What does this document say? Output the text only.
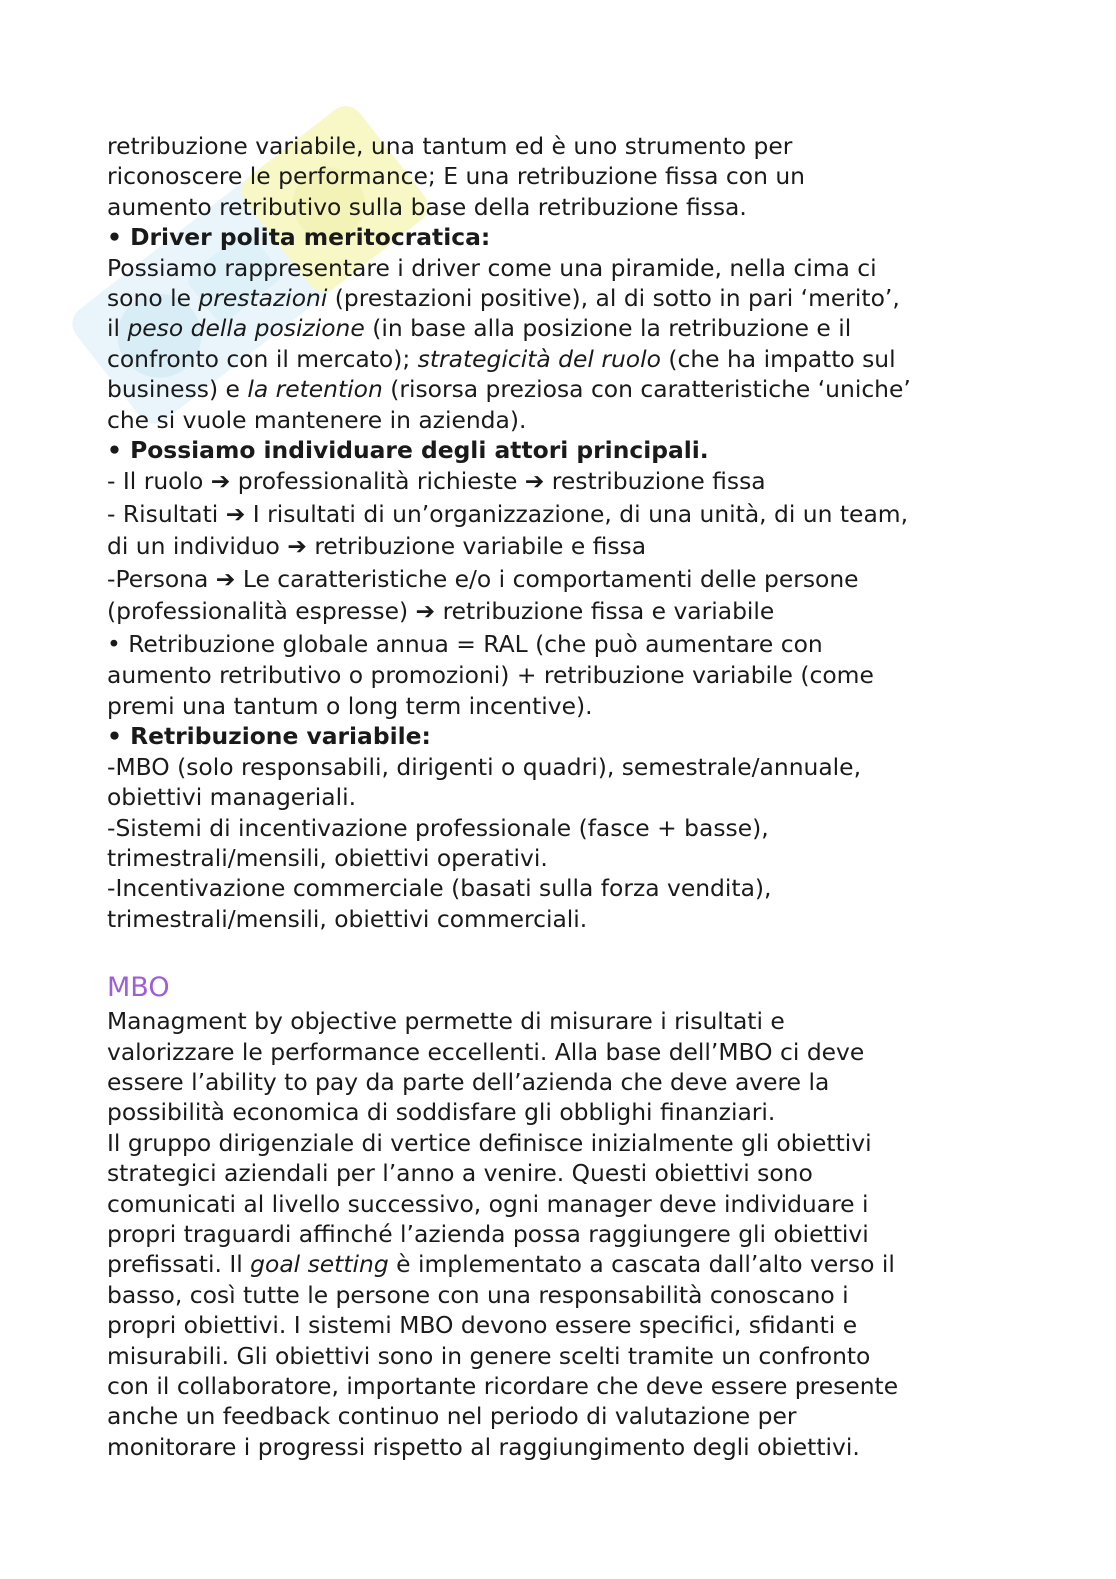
retribuzione variabile, una tantum ed è uno strumento per

riconoscere le performance; E una retribuzione fissa con un

aumento retributivo sulla base della retribuzione fissa.

• Driver polita meritocratica:

Possiamo rappresentare i driver come una piramide, nella cima ci

sono le prestazioni (prestazioni positive), al di sotto in pari ‘merito’,

il peso della posizione (in base alla posizione la retribuzione e il

confronto con il mercato); strategicità del ruolo (che ha impatto sul

business) e la retention (risorsa preziosa con caratteristiche ‘uniche’

che si vuole mantenere in azienda).

• Possiamo individuare degli attori principali.

- Il ruolo ➔ professionalità richieste ➔ restribuzione fissa

- Risultati ➔ I risultati di un’organizzazione, di una unità, di un team,

di un individuo ➔ retribuzione variabile e fissa

-Persona ➔ Le caratteristiche e/o i comportamenti delle persone

(professionalità espresse) ➔ retribuzione fissa e variabile

• Retribuzione globale annua = RAL (che può aumentare con

aumento retributivo o promozioni) + retribuzione variabile (come

premi una tantum o long term incentive).

• Retribuzione variabile:

-MBO (solo responsabili, dirigenti o quadri), semestrale/annuale,

obiettivi manageriali.

-Sistemi di incentivazione professionale (fasce + basse),

trimestrali/mensili, obiettivi operativi.

-Incentivazione commerciale (basati sulla forza vendita),

trimestrali/mensili, obiettivi commerciali.

MBO

Managment by objective permette di misurare i risultati e

valorizzare le performance eccellenti. Alla base dell’MBO ci deve

essere l’ability to pay da parte dell’azienda che deve avere la

possibilità economica di soddisfare gli obblighi finanziari.

Il gruppo dirigenziale di vertice definisce inizialmente gli obiettivi

strategici aziendali per l’anno a venire. Questi obiettivi sono

comunicati al livello successivo, ogni manager deve individuare i

propri traguardi affinché l’azienda possa raggiungere gli obiettivi

prefissati. Il goal setting è implementato a cascata dall’alto verso il

basso, così tutte le persone con una responsabilità conoscano i

propri obiettivi. I sistemi MBO devono essere specifici, sfidanti e

misurabili. Gli obiettivi sono in genere scelti tramite un confronto

con il collaboratore, importante ricordare che deve essere presente

anche un feedback continuo nel periodo di valutazione per

monitorare i progressi rispetto al raggiungimento degli obiettivi.
